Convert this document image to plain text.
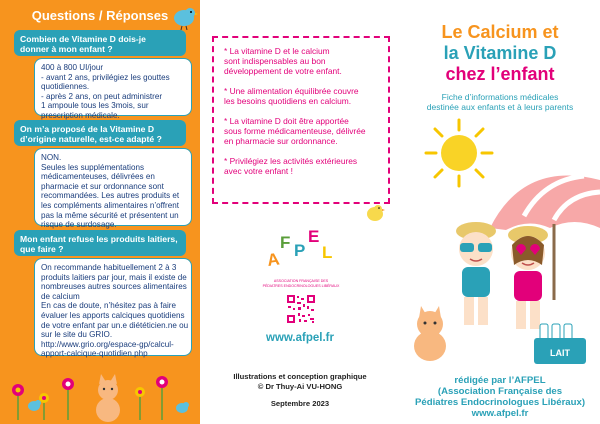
Questions / Réponses
Combien de Vitamine D dois-je
donner à mon enfant ?
400 à 800 UI/jour
- avant 2 ans, privilégiez les gouttes
quotidiennes.
- après 2 ans, on peut administrer
1 ampoule tous les 3mois, sur
prescription médicale.
On m’a proposé de la Vitamine D
d’origine naturelle, est-ce adapté ?
NON.
Seules les supplémentations
médicamenteuses, délivrées en
pharmacie et sur ordonnance sont
recommandées. Les autres produits et
les compléments alimentaires n’offrent
pas la même sécurité et présentent un
risque de surdosage.
Mon enfant refuse les produits laitiers,
que faire ?
On recommande habituellement 2 à 3
produits laitiers par jour, mais il existe de
nombreuses autres sources alimentaires
de calcium
En cas de doute, n’hésitez pas à faire
évaluer les apports calciques quotidiens
de votre enfant par un.e diététicien.ne ou
sur le site du GRIO.
http://www.grio.org/espace-gp/calcul-
apport-calcique-quotidien.php
* La vitamine D et le calcium
sont indispensables au bon
développement de votre enfant.
* Une alimentation équilibrée couvre
les besoins quotidiens en calcium.
* La vitamine D doit être apportée
sous forme médicamenteuse, délivrée
en pharmacie sur ordonnance.
* Privilégiez les activités extérieures
avec votre enfant !
A
F P
E
L
ASSOCIATION FRANÇAISE DES
PÉDIATRES ENDOCRINOLOGUES LIBÉRAUX
www.afpel.fr
Illustrations et conception graphique
© Dr Thuy-Ai VU-HONG
Septembre 2023
Le Calcium et
la Vitamine D
chez l’enfant
Fiche d’informations médicales
destinée aux enfants et à leurs parents
LAIT
rédigée par l’AFPEL
(Association Française des
Pédiatres Endocrinologues Libéraux)
www.afpel.fr
